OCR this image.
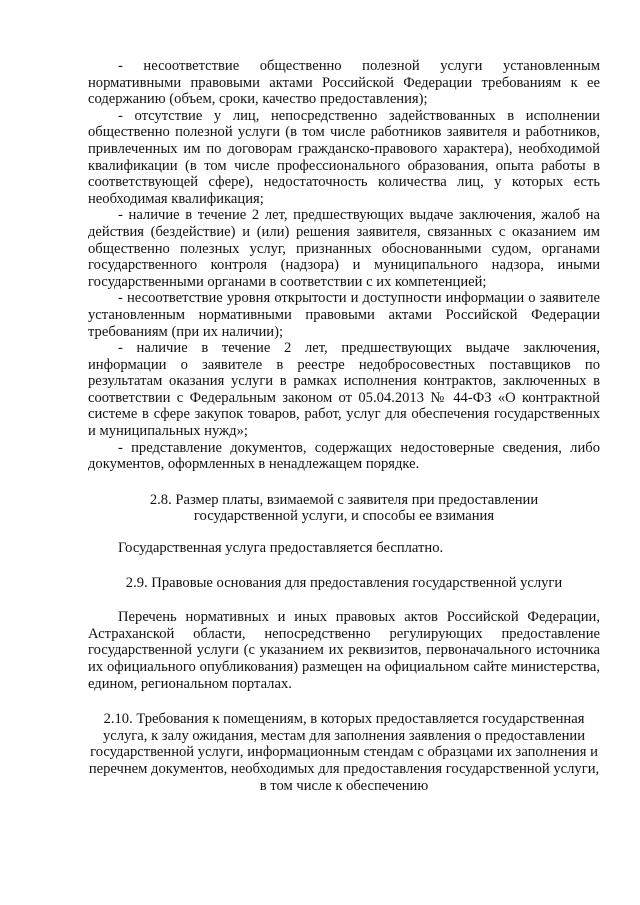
- несоответствие общественно полезной услуги установленным нормативными правовыми актами Российской Федерации требованиям к ее содержанию (объем, сроки, качество предоставления);

- отсутствие у лиц, непосредственно задействованных в исполнении общественно полезной услуги (в том числе работников заявителя и работников, привлеченных им по договорам гражданско-правового характера), необходимой квалификации (в том числе профессионального образования, опыта работы в соответствующей сфере), недостаточность количества лиц, у которых есть необходимая квалификация;

- наличие в течение 2 лет, предшествующих выдаче заключения, жалоб на действия (бездействие) и (или) решения заявителя, связанных с оказанием им общественно полезных услуг, признанных обоснованными судом, органами государственного контроля (надзора) и муниципального надзора, иными государственными органами в соответствии с их компетенцией;

- несоответствие уровня открытости и доступности информации о заявителе установленным нормативными правовыми актами Российской Федерации требованиям (при их наличии);

- наличие в течение 2 лет, предшествующих выдаче заключения, информации о заявителе в реестре недобросовестных поставщиков по результатам оказания услуги в рамках исполнения контрактов, заключенных в соответствии с Федеральным законом от 05.04.2013 № 44-ФЗ «О контрактной системе в сфере закупок товаров, работ, услуг для обеспечения государственных и муниципальных нужд»;

- представление документов, содержащих недостоверные сведения, либо документов, оформленных в ненадлежащем порядке.

2.8. Размер платы, взимаемой с заявителя при предоставлении государственной услуги, и способы ее взимания

Государственная услуга предоставляется бесплатно.

2.9. Правовые основания для предоставления государственной услуги

Перечень нормативных и иных правовых актов Российской Федерации, Астраханской области, непосредственно регулирующих предоставление государственной услуги (с указанием их реквизитов, первоначального источника их официального опубликования) размещен на официальном сайте министерства, едином, региональном порталах.

2.10. Требования к помещениям, в которых предоставляется государственная услуга, к залу ожидания, местам для заполнения заявления о предоставлении государственной услуги, информационным стендам с образцами их заполнения и перечнем документов, необходимых для предоставления государственной услуги, в том числе к обеспечению
